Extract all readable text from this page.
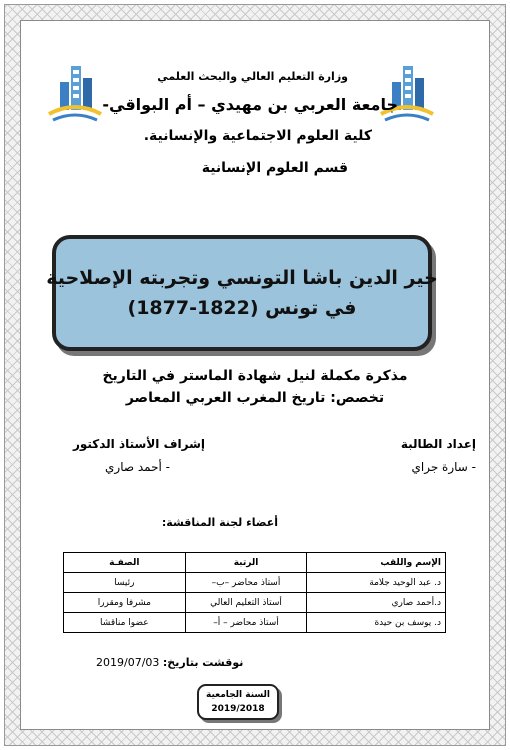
وزارة التعليم العالي والبحث العلمي
جامعة العربي بن مهيدي – أم البواقي-
كلية العلوم الاجتماعية والإنسانية.
قسم العلوم الإنسانية
خير الدين باشا التونسي وتجربته الإصلاحية
في تونس (1822-1877)
مذكرة مكملة لنيل شهادة الماستر في التاريخ
تخصص: تاريخ المغرب العربي المعاصر
إعداد الطالبة
- سارة جراي
إشراف الأستاذ الدكتور
- أحمد صاري
أعضاء لجنة المناقشة:
الإسم واللقب	الرتبة	الصفـة
د. عبد الوحيد جلامة	أستاذ محاضر –ب–	رئيسا
د.أحمد صاري	أستاذ التعليم العالي	مشرفا ومقررا
د. يوسف بن حيدة	أستاذ محاضر – أ–	عضوا مناقشا
نوقشت بتاريخ: 2019/07/03
السنة الجامعية
2019/2018
